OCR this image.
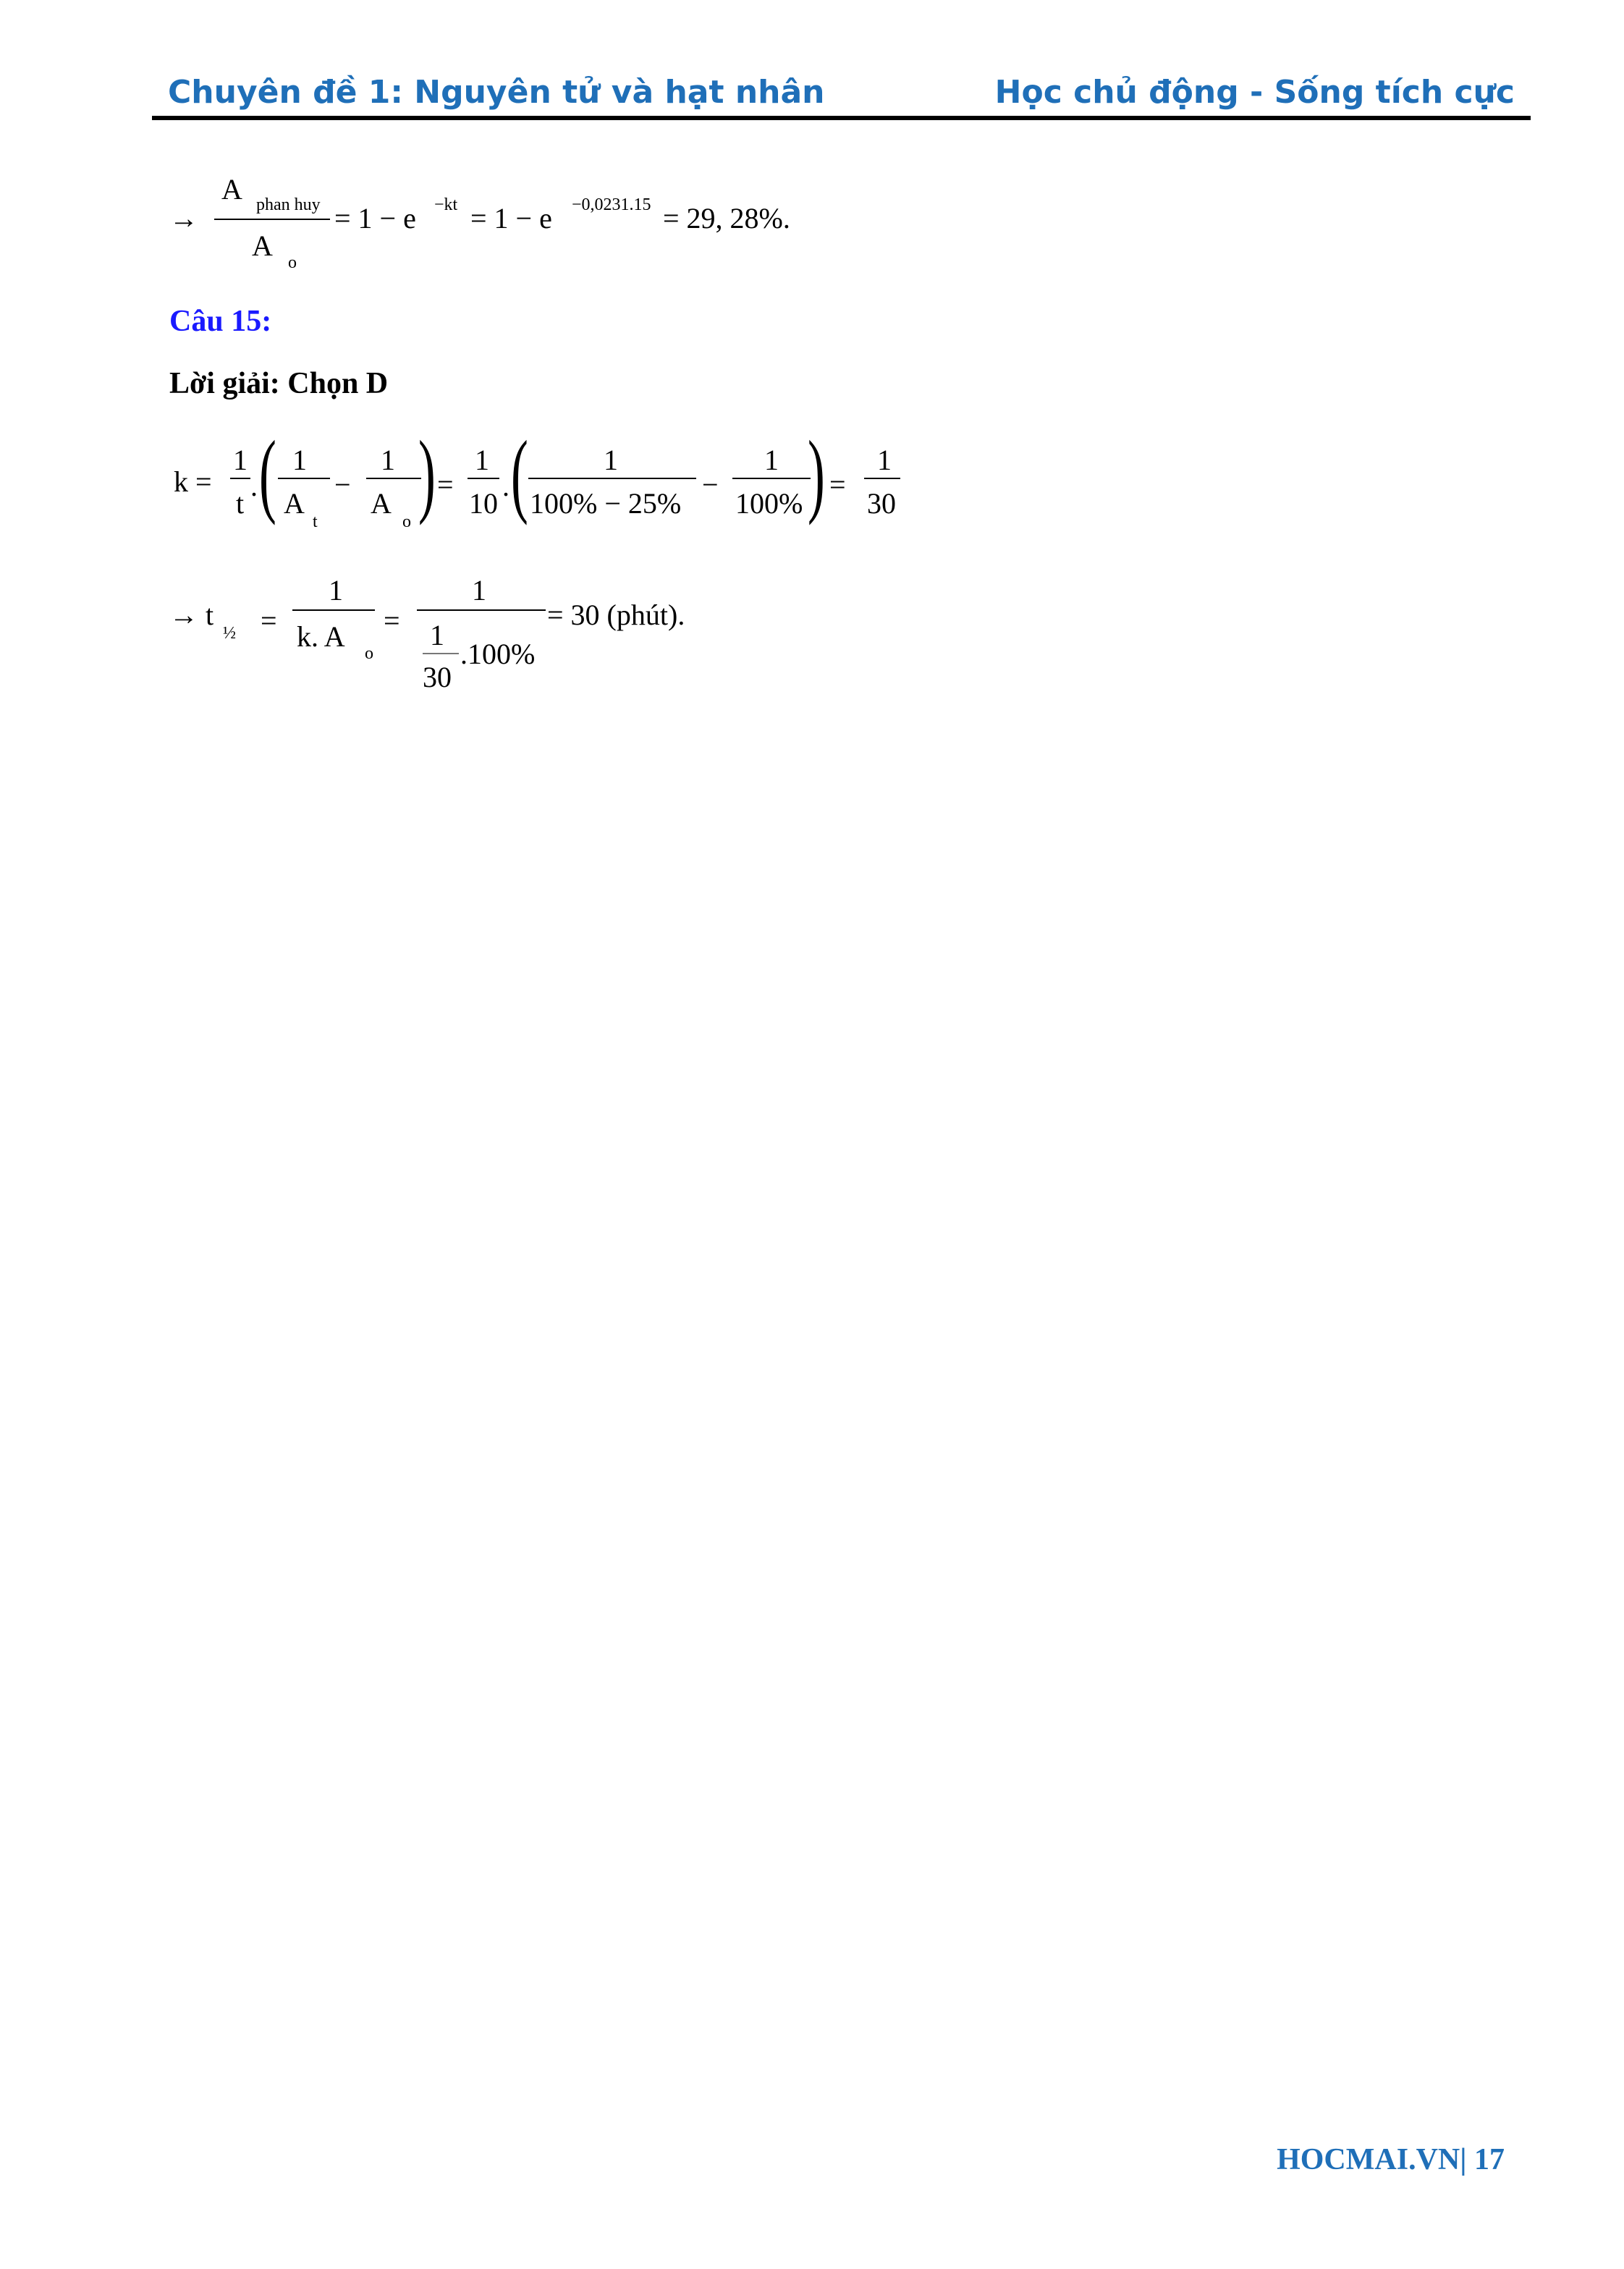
Chuyên đề 1: Nguyên tử và hạt nhân	Học chủ động - Sống tích cực
→
A phan huy
A
o
= 1 − e −kt = 1 − e −0,0231.15 = 29, 28%.
Câu 15:
Lời giải: Chọn D
k =
1
t
. ( 1
A
t
−
1
A
o ) =
1
10
. (	1
100% − 25%
−
1
100% ) =
1
30
→ t
½ =
1
k. A
o
=
1
1
30
.100%
= 30 (phút).
HOCMAI.VN| 17
